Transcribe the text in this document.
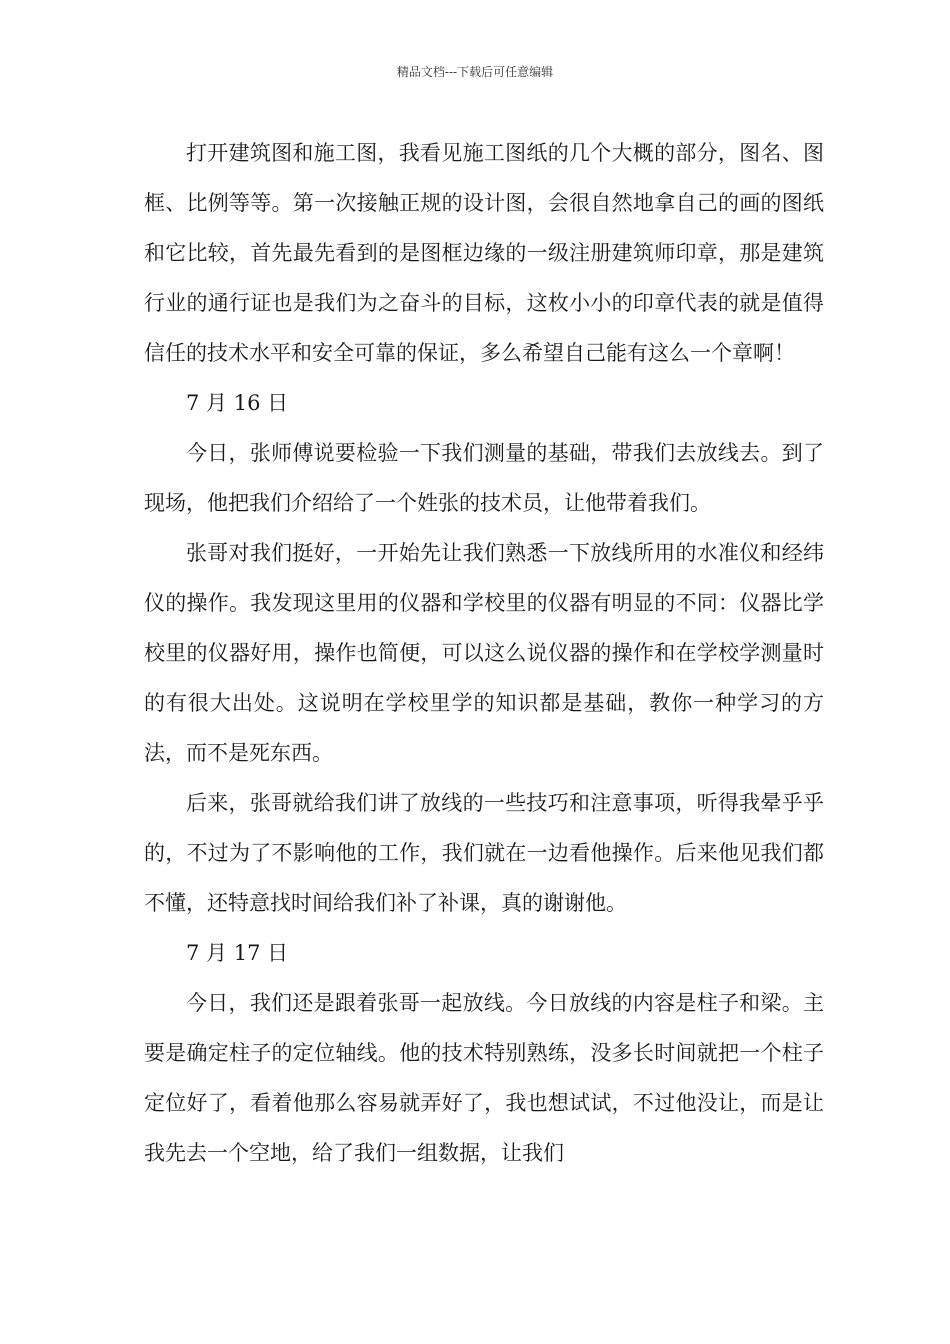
精品文档---下载后可任意编辑

打开建筑图和施工图，我看见施工图纸的几个大概的部分，图名、图框、比例等等。第一次接触正规的设计图，会很自然地拿自己的画的图纸和它比较，首先最先看到的是图框边缘的一级注册建筑师印章，那是建筑行业的通行证也是我们为之奋斗的目标，这枚小小的印章代表的就是值得信任的技术水平和安全可靠的保证，多么希望自己能有这么一个章啊！

7 月 16 日

今日，张师傅说要检验一下我们测量的基础，带我们去放线去。到了现场，他把我们介绍给了一个姓张的技术员，让他带着我们。

张哥对我们挺好，一开始先让我们熟悉一下放线所用的水准仪和经纬仪的操作。我发现这里用的仪器和学校里的仪器有明显的不同：仪器比学校里的仪器好用，操作也简便，可以这么说仪器的操作和在学校学测量时的有很大出处。这说明在学校里学的知识都是基础，教你一种学习的方法，而不是死东西。

后来，张哥就给我们讲了放线的一些技巧和注意事项，听得我晕乎乎的，不过为了不影响他的工作，我们就在一边看他操作。后来他见我们都不懂，还特意找时间给我们补了补课，真的谢谢他。

7 月 17 日

今日，我们还是跟着张哥一起放线。今日放线的内容是柱子和梁。主要是确定柱子的定位轴线。他的技术特别熟练，没多长时间就把一个柱子定位好了，看着他那么容易就弄好了，我也想试试，不过他没让，而是让我先去一个空地，给了我们一组数据，让我们
